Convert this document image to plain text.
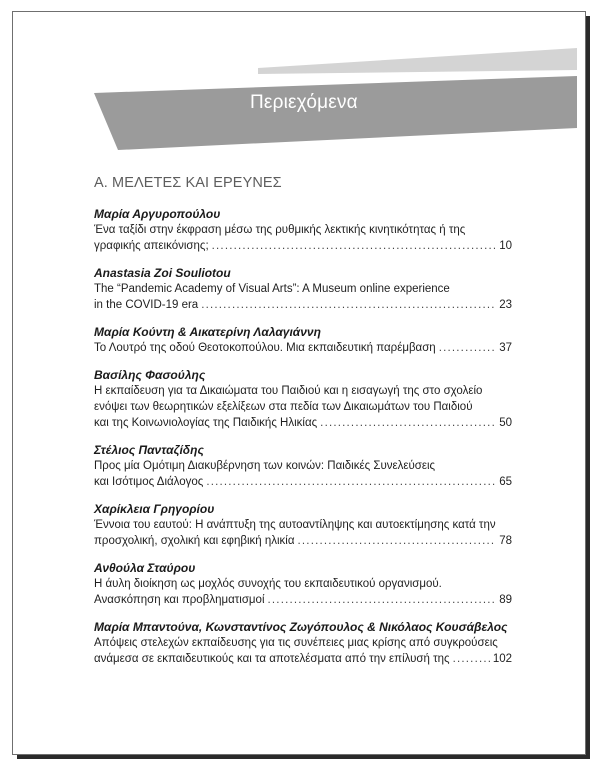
Περιεχόμενα
Α. ΜΕΛΕΤΕΣ ΚΑΙ ΕΡΕΥΝΕΣ
Μαρία Αργυροπούλου
Ένα ταξίδι στην έκφραση μέσω της ρυθμικής λεκτικής κινητικότητας ή της
γραφικής απεικόνισης; .....	10
Anastasia Zoi Souliotou
The “Pandemic Academy of Visual Arts”: A Museum online experience
in the COVID-19 era .....	23
Μαρία Κούντη & Αικατερίνη Λαλαγιάννη
Το Λουτρό της οδού Θεοτοκοπούλου. Μια εκπαιδευτική παρέμβαση .....	37
Βασίλης Φασούλης
Η εκπαίδευση για τα Δικαιώματα του Παιδιού και η εισαγωγή της στο σχολείο
ενόψει των θεωρητικών εξελίξεων στα πεδία των Δικαιωμάτων του Παιδιού
και της Κοινωνιολογίας της Παιδικής Ηλικίας .....	50
Στέλιος Πανταζίδης
Προς μία Ομότιμη Διακυβέρνηση των κοινών: Παιδικές Συνελεύσεις
και Ισότιμος Διάλογος .....	65
Χαρίκλεια Γρηγορίου
Έννοια του εαυτού: Η ανάπτυξη της αυτοαντίληψης και αυτοεκτίμησης κατά την
προσχολική, σχολική και εφηβική ηλικία .....	78
Ανθούλα Σταύρου
Η άυλη διοίκηση ως μοχλός συνοχής του εκπαιδευτικού οργανισμού.
Ανασκόπηση και προβληματισμοί .....	89
Μαρία Μπαντούνα, Κωνσταντίνος Ζωγόπουλος & Νικόλαος Κουσάβελος
Απόψεις στελεχών εκπαίδευσης για τις συνέπειες μιας κρίσης από συγκρούσεις
ανάμεσα σε εκπαιδευτικούς και τα αποτελέσματα από την επίλυσή της .....	102
